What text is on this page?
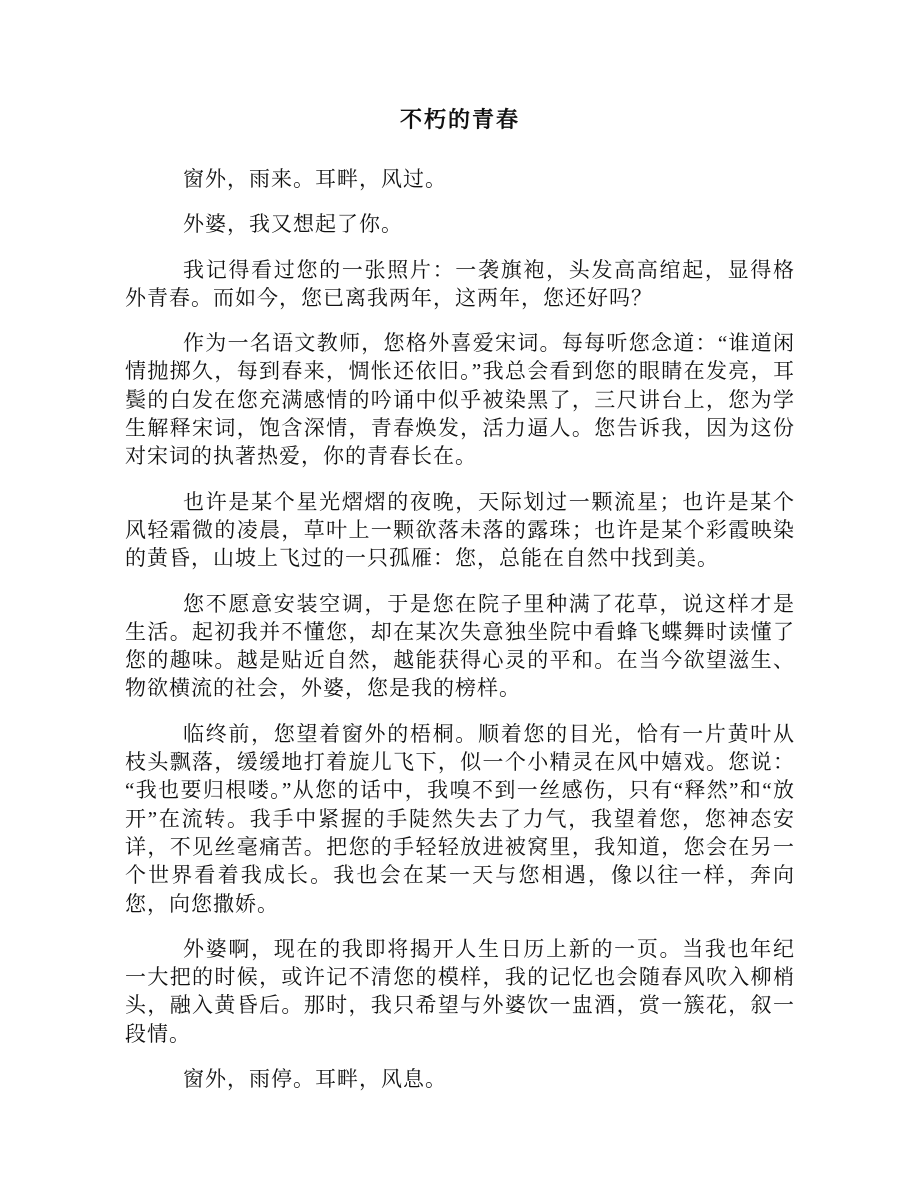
不朽的青春

窗外，雨来。耳畔，风过。

外婆，我又想起了你。

我记得看过您的一张照片：一袭旗袍，头发高高绾起，显得格外青春。而如今，您已离我两年，这两年，您还好吗？

作为一名语文教师，您格外喜爱宋词。每每听您念道：“谁道闲情抛掷久，每到春来，惆怅还依旧。”我总会看到您的眼睛在发亮，耳鬓的白发在您充满感情的吟诵中似乎被染黑了，三尺讲台上，您为学生解释宋词，饱含深情，青春焕发，活力逼人。您告诉我，因为这份对宋词的执著热爱，你的青春长在。

也许是某个星光熠熠的夜晚，天际划过一颗流星；也许是某个风轻霜微的凌晨，草叶上一颗欲落未落的露珠；也许是某个彩霞映染的黄昏，山坡上飞过的一只孤雁：您，总能在自然中找到美。

您不愿意安装空调，于是您在院子里种满了花草，说这样才是生活。起初我并不懂您，却在某次失意独坐院中看蜂飞蝶舞时读懂了您的趣味。越是贴近自然，越能获得心灵的平和。在当今欲望滋生、物欲横流的社会，外婆，您是我的榜样。

临终前，您望着窗外的梧桐。顺着您的目光，恰有一片黄叶从枝头飘落，缓缓地打着旋儿飞下，似一个小精灵在风中嬉戏。您说：“我也要归根喽。”从您的话中，我嗅不到一丝感伤，只有“释然”和“放开”在流转。我手中紧握的手陡然失去了力气，我望着您，您神态安详，不见丝毫痛苦。把您的手轻轻放进被窝里，我知道，您会在另一个世界看着我成长。我也会在某一天与您相遇，像以往一样，奔向您，向您撒娇。

外婆啊，现在的我即将揭开人生日历上新的一页。当我也年纪一大把的时候，或许记不清您的模样，我的记忆也会随春风吹入柳梢头，融入黄昏后。那时，我只希望与外婆饮一盅酒，赏一簇花，叙一段情。

窗外，雨停。耳畔，风息。
